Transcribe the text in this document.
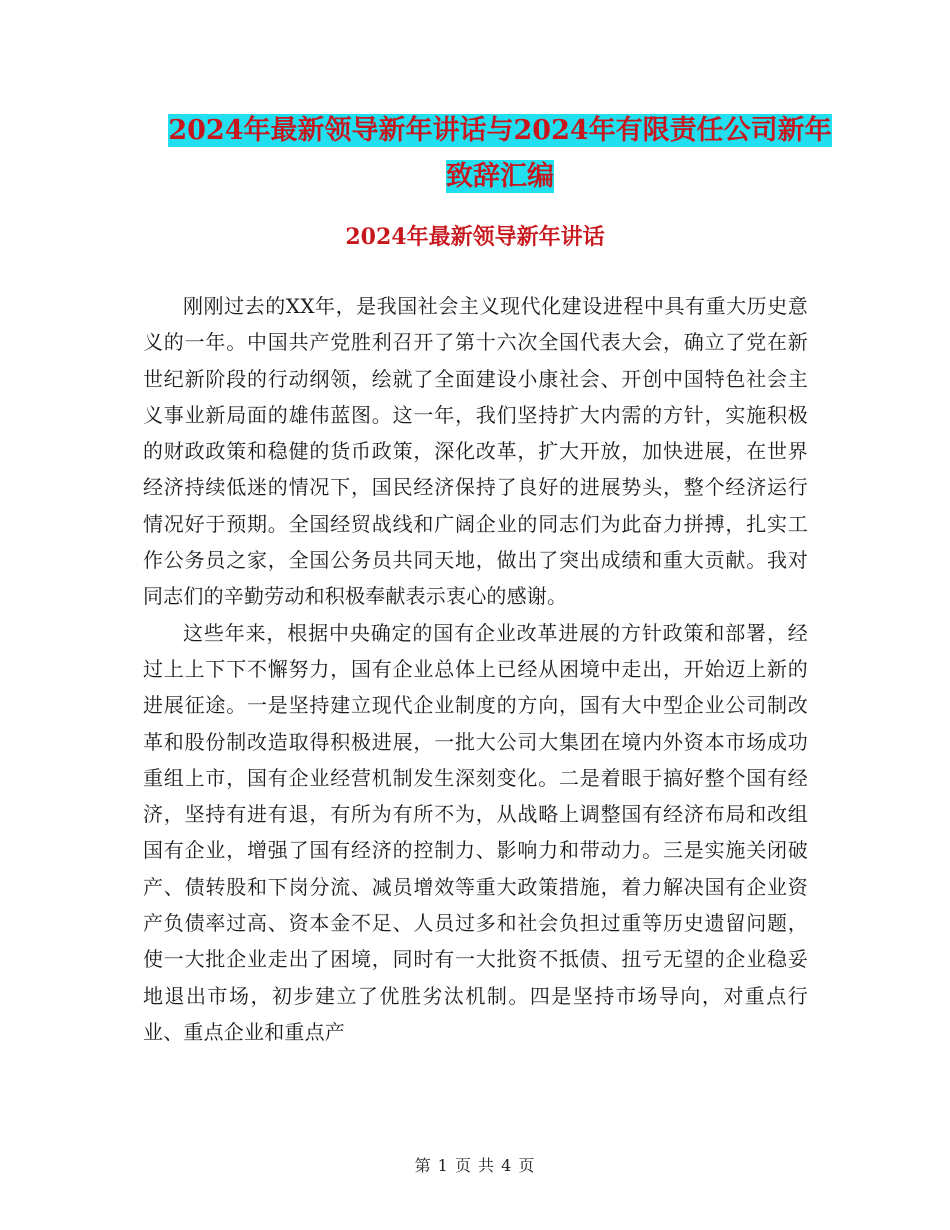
2024年最新领导新年讲话与2024年有限责任公司新年
致辞汇编
2024年最新领导新年讲话

刚刚过去的XX年，是我国社会主义现代化建设进程中具有重大历史意义的一年。中国共产党胜利召开了第十六次全国代表大会，确立了党在新世纪新阶段的行动纲领，绘就了全面建设小康社会、开创中国特色社会主义事业新局面的雄伟蓝图。这一年，我们坚持扩大内需的方针，实施积极的财政政策和稳健的货币政策，深化改革，扩大开放，加快进展，在世界经济持续低迷的情况下，国民经济保持了良好的进展势头，整个经济运行情况好于预期。全国经贸战线和广阔企业的同志们为此奋力拼搏，扎实工作公务员之家，全国公务员共同天地，做出了突出成绩和重大贡献。我对同志们的辛勤劳动和积极奉献表示衷心的感谢。

这些年来，根据中央确定的国有企业改革进展的方针政策和部署，经过上上下下不懈努力，国有企业总体上已经从困境中走出，开始迈上新的进展征途。一是坚持建立现代企业制度的方向，国有大中型企业公司制改革和股份制改造取得积极进展，一批大公司大集团在境内外资本市场成功重组上市，国有企业经营机制发生深刻变化。二是着眼于搞好整个国有经济，坚持有进有退，有所为有所不为，从战略上调整国有经济布局和改组国有企业，增强了国有经济的控制力、影响力和带动力。三是实施关闭破产、债转股和下岗分流、减员增效等重大政策措施，着力解决国有企业资产负债率过高、资本金不足、人员过多和社会负担过重等历史遗留问题，使一大批企业走出了困境，同时有一大批资不抵债、扭亏无望的企业稳妥地退出市场，初步建立了优胜劣汰机制。四是坚持市场导向，对重点行业、重点企业和重点产

第 1 页 共 4 页
